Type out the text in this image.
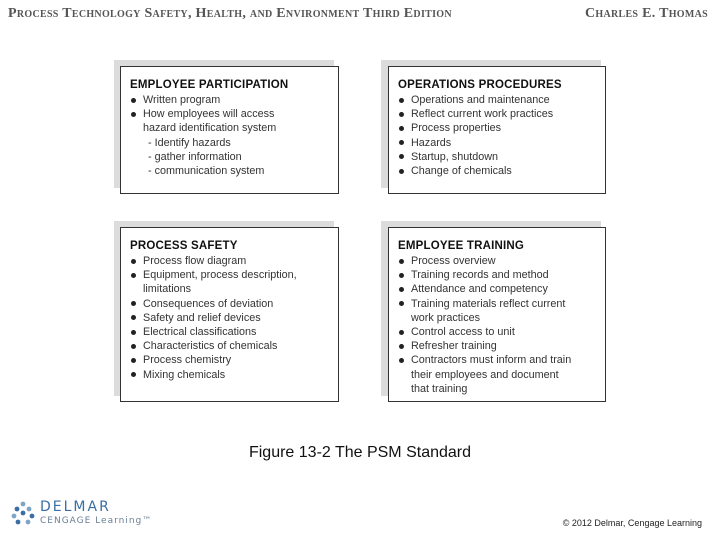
Process Technology Safety, Health, and Environment Third Edition	Charles E. Thomas
EMPLOYEE PARTICIPATION
Written program
How employees will access
hazard identification system
- Identify hazards
- gather information
- communication system
OPERATIONS PROCEDURES
Operations and maintenance
Reflect current work practices
Process properties
Hazards
Startup, shutdown
Change of chemicals
PROCESS SAFETY
Process flow diagram
Equipment, process description,
limitations
Consequences of deviation
Safety and relief devices
Electrical classifications
Characteristics of chemicals
Process chemistry
Mixing chemicals
EMPLOYEE TRAINING
Process overview
Training records and method
Attendance and competency
Training materials reflect current
work practices
Control access to unit
Refresher training
Contractors must inform and train
their employees and document
that training
Figure 13-2 The PSM Standard
DELMAR
CENGAGE Learning™	© 2012 Delmar, Cengage Learning
